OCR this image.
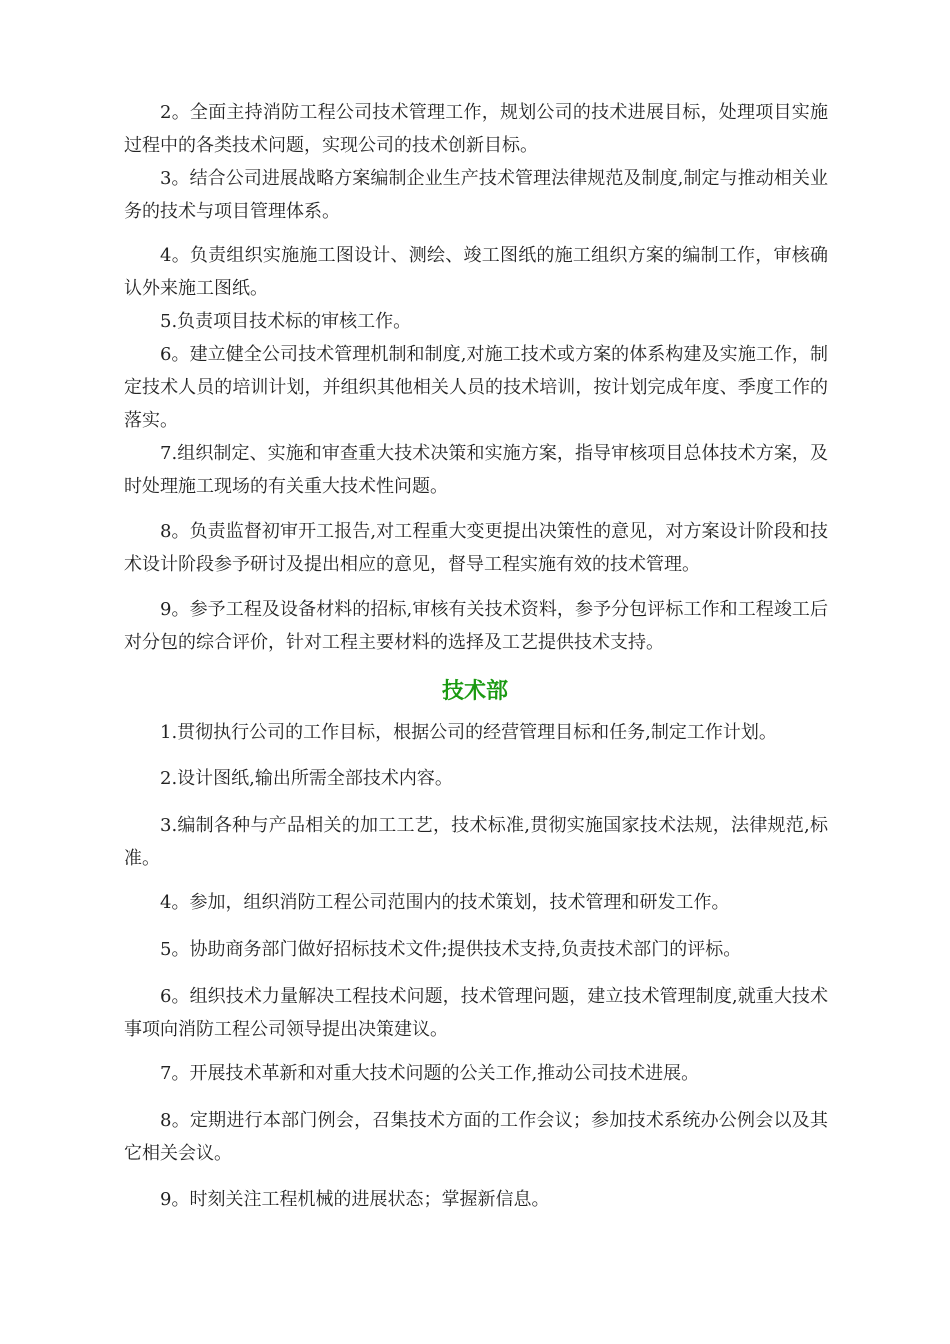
2。全面主持消防工程公司技术管理工作，规划公司的技术进展目标，处理项目实施过程中的各类技术问题，实现公司的技术创新目标。

3。结合公司进展战略方案编制企业生产技术管理法律规范及制度,制定与推动相关业务的技术与项目管理体系。

4。负责组织实施施工图设计、测绘、竣工图纸的施工组织方案的编制工作，审核确认外来施工图纸。

5.负责项目技术标的审核工作。

6。建立健全公司技术管理机制和制度,对施工技术或方案的体系构建及实施工作，制定技术人员的培训计划，并组织其他相关人员的技术培训，按计划完成年度、季度工作的落实。

7.组织制定、实施和审查重大技术决策和实施方案，指导审核项目总体技术方案，及时处理施工现场的有关重大技术性问题。

8。负责监督初审开工报告,对工程重大变更提出决策性的意见，对方案设计阶段和技术设计阶段参予研讨及提出相应的意见，督导工程实施有效的技术管理。

9。参予工程及设备材料的招标,审核有关技术资料，参予分包评标工作和工程竣工后对分包的综合评价，针对工程主要材料的选择及工艺提供技术支持。

技术部

1.贯彻执行公司的工作目标，根据公司的经营管理目标和任务,制定工作计划。

2.设计图纸,输出所需全部技术内容。

3.编制各种与产品相关的加工工艺，技术标准,贯彻实施国家技术法规，法律规范,标准。

4。参加，组织消防工程公司范围内的技术策划，技术管理和研发工作。

5。协助商务部门做好招标技术文件;提供技术支持,负责技术部门的评标。

6。组织技术力量解决工程技术问题，技术管理问题，建立技术管理制度,就重大技术事项向消防工程公司领导提出决策建议。

7。开展技术革新和对重大技术问题的公关工作,推动公司技术进展。

8。定期进行本部门例会，召集技术方面的工作会议；参加技术系统办公例会以及其它相关会议。

9。时刻关注工程机械的进展状态；掌握新信息。
